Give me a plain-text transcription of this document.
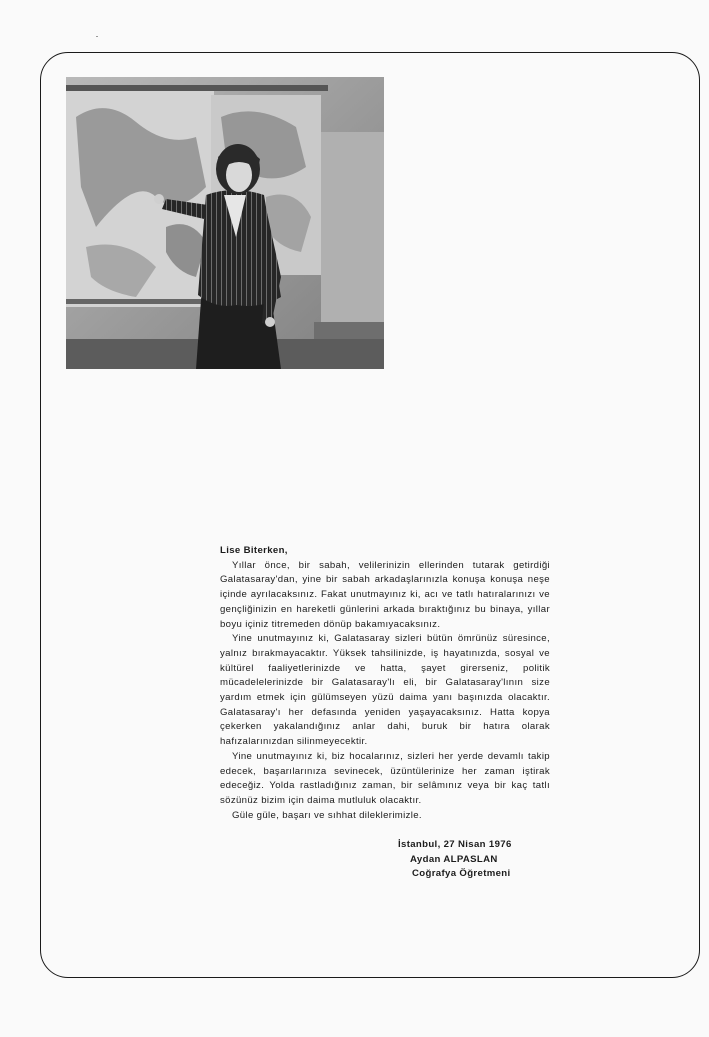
Lise Biterken,

Yıllar önce, bir sabah, velilerinizin ellerinden tutarak getirdiği Galatasaray'dan, yine bir sabah arkadaşlarınızla konuşa konuşa neşe içinde ayrılacaksınız. Fakat unutmayınız ki, acı ve tatlı hatıralarınızı ve gençliğinizin en hareketli günlerini arkada bıraktığınız bu binaya, yıllar boyu içiniz titremeden dönüp bakamıyacaksınız.

Yine unutmayınız ki, Galatasaray sizleri bütün ömrünüz süresince, yalnız bırakmayacaktır. Yüksek tahsilinizde, iş hayatınızda, sosyal ve kültürel faaliyetlerinizde ve hatta, şayet girerseniz, politik mücadelelerinizde bir Galatasaray'lı eli, bir Galatasaray'lının size yardım etmek için gülümseyen yüzü daima yanı başınızda olacaktır. Galatasaray'ı her defasında yeniden yaşayacaksınız. Hatta kopya çekerken yakalandığınız anlar dahi, buruk bir hatıra olarak hafızalarınızdan silinmeyecektir.

Yine unutmayınız ki, biz hocalarınız, sizleri her yerde devamlı takip edecek, başarılarınıza sevinecek, üzüntülerinize her zaman iştirak edeceğiz. Yolda rastladığınız zaman, bir selâmınız veya bir kaç tatlı sözünüz bizim için daima mutluluk olacaktır.

Güle güle, başarı ve sıhhat dileklerimizle.

İstanbul, 27 Nisan 1976
Aydan ALPASLAN
Coğrafya Öğretmeni
